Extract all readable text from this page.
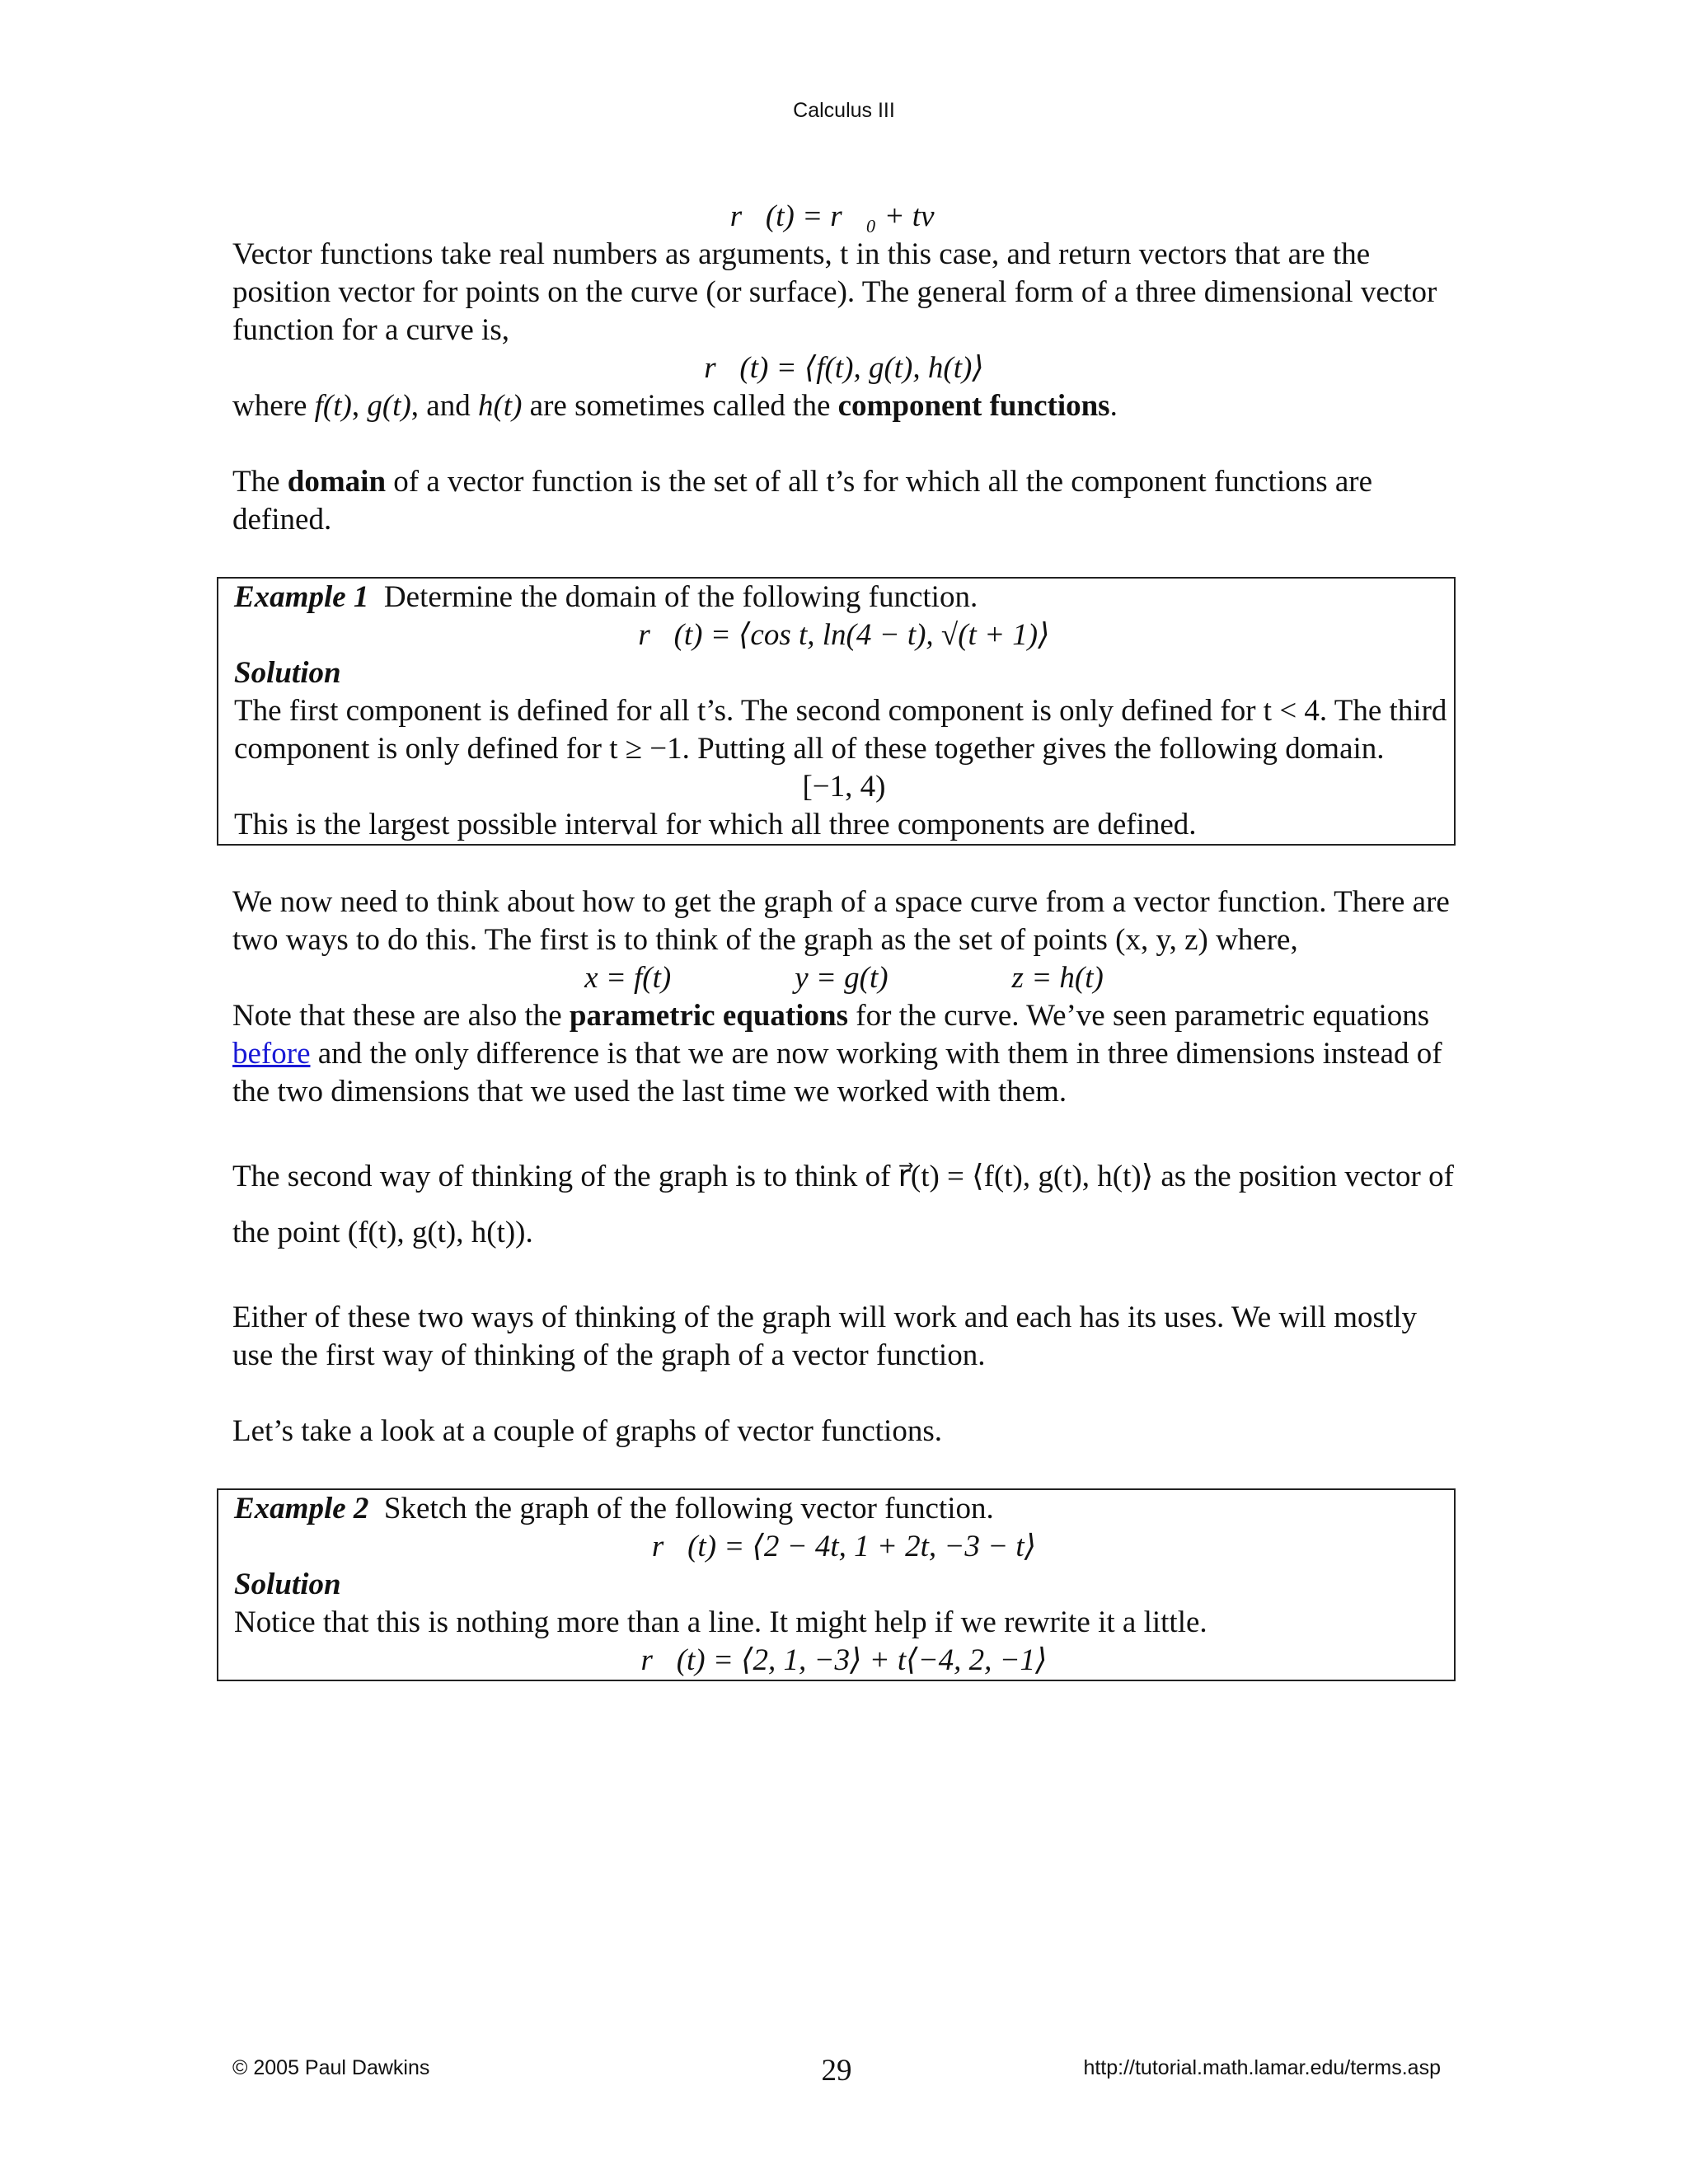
Calculus III

r⃗(t) = r⃗₀ + tv⃗

Vector functions take real numbers as arguments, t in this case, and return vectors that are the position vector for points on the curve (or surface). The general form of a three dimensional vector function for a curve is,

r⃗(t) = ⟨f(t), g(t), h(t)⟩

where f(t), g(t), and h(t) are sometimes called the component functions.

The domain of a vector function is the set of all t’s for which all the component functions are defined.

Example 1  Determine the domain of the following function.

r⃗(t) = ⟨cos t, ln(4 − t), √(t + 1)⟩

Solution

The first component is defined for all t’s. The second component is only defined for t < 4. The third component is only defined for t ≥ −1. Putting all of these together gives the following domain.

[−1, 4)

This is the largest possible interval for which all three components are defined.

We now need to think about how to get the graph of a space curve from a vector function. There are two ways to do this. The first is to think of the graph as the set of points (x, y, z) where,

x = f(t)	y = g(t)	z = h(t)

Note that these are also the parametric equations for the curve. We’ve seen parametric equations before and the only difference is that we are now working with them in three dimensions instead of the two dimensions that we used the last time we worked with them.

The second way of thinking of the graph is to think of r⃗(t) = ⟨f(t), g(t), h(t)⟩ as the position vector of the point (f(t), g(t), h(t)).

Either of these two ways of thinking of the graph will work and each has its uses. We will mostly use the first way of thinking of the graph of a vector function.

Let’s take a look at a couple of graphs of vector functions.

Example 2  Sketch the graph of the following vector function.

r⃗(t) = ⟨2 − 4t, 1 + 2t, −3 − t⟩

Solution

Notice that this is nothing more than a line. It might help if we rewrite it a little.

r⃗(t) = ⟨2, 1, −3⟩ + t⟨−4, 2, −1⟩

© 2005 Paul Dawkins	29	http://tutorial.math.lamar.edu/terms.asp
